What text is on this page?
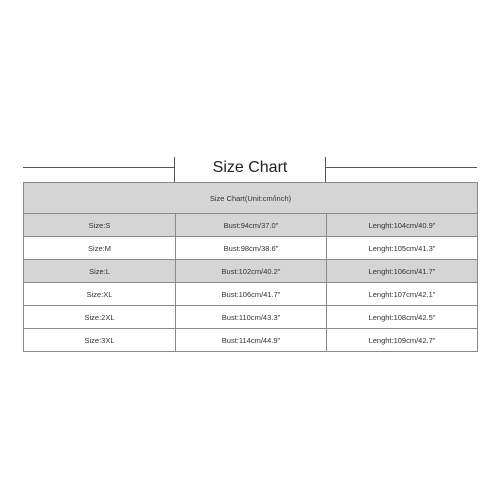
Size Chart
Size Chart(Unit:cm/inch)		
Size:S	Bust:94cm/37.0"	Lenght:104cm/40.9"
Size:M	Bust:98cm/38.6"	Lenght:105cm/41.3"
Size:L	Bust:102cm/40.2"	Lenght:106cm/41.7"
Size:XL	Bust:106cm/41.7"	Lenght:107cm/42.1"
Size:2XL	Bust:110cm/43.3"	Lenght:108cm/42.5"
Size:3XL	Bust:114cm/44.9"	Lenght:109cm/42.7"
